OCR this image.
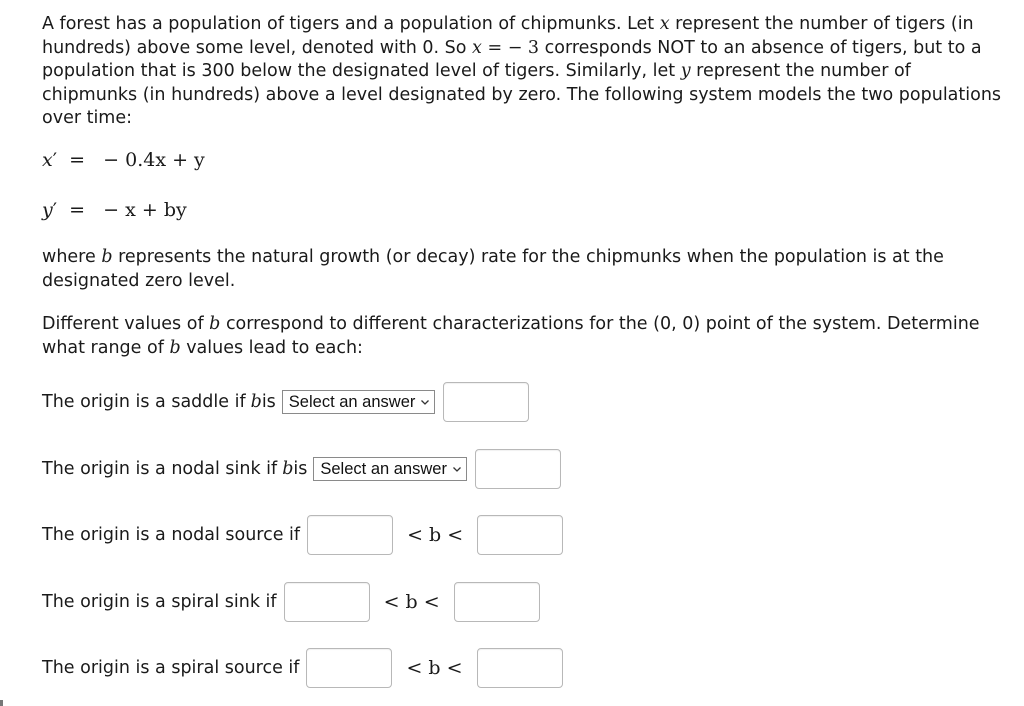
A forest has a population of tigers and a population of chipmunks. Let x represent the number of tigers (in hundreds) above some level, denoted with 0. So x = − 3 corresponds NOT to an absence of tigers, but to a population that is 300 below the designated level of tigers. Similarly, let y represent the number of chipmunks (in hundreds) above a level designated by zero. The following system models the two populations over time:
x′  =   − 0.4x + y
y′  =   − x + by
where b represents the natural growth (or decay) rate for the chipmunks when the population is at the designated zero level.
Different values of b correspond to different characterizations for the (0, 0) point of the system. Determine what range of b values lead to each:
The origin is a saddle if b is Select an answer
The origin is a nodal sink if b is Select an answer
The origin is a nodal source if	< b <
The origin is a spiral sink if	< b <
The origin is a spiral source if	< b <
